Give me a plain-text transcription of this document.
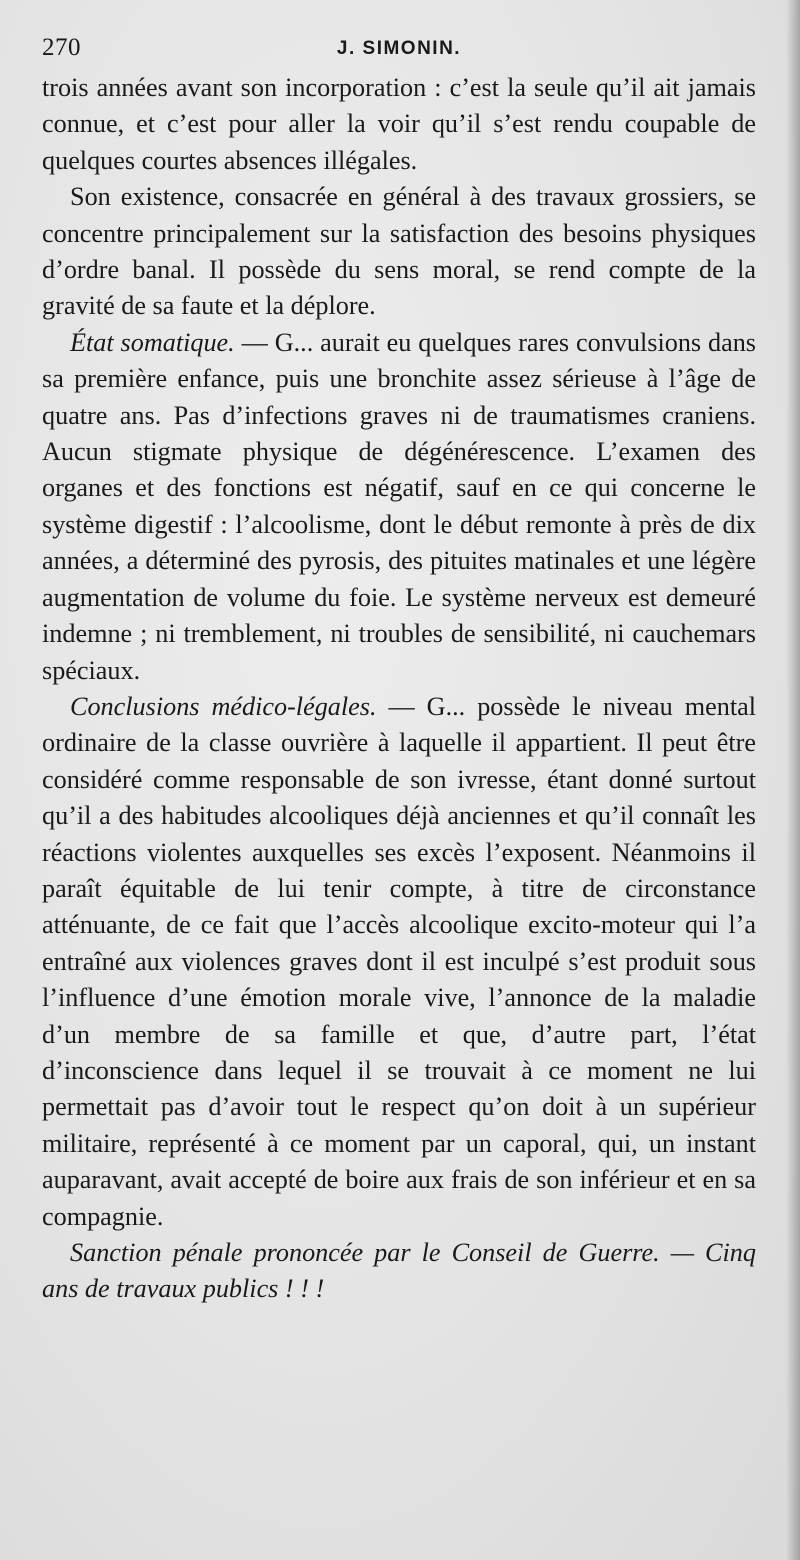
270	J. SIMONIN.

trois années avant son incorporation : c’est la seule qu’il ait jamais connue, et c’est pour aller la voir qu’il s’est rendu coupable de quelques courtes absences illégales.

Son existence, consacrée en général à des travaux grossiers, se concentre principalement sur la satisfaction des besoins physiques d’ordre banal. Il possède du sens moral, se rend compte de la gravité de sa faute et la déplore.

État somatique. — G... aurait eu quelques rares convulsions dans sa première enfance, puis une bronchite assez sérieuse à l’âge de quatre ans. Pas d’infections graves ni de traumatismes craniens. Aucun stigmate physique de dégénérescence. L’examen des organes et des fonctions est négatif, sauf en ce qui concerne le système digestif : l’alcoolisme, dont le début remonte à près de dix années, a déterminé des pyrosis, des pituites matinales et une légère augmentation de volume du foie. Le système nerveux est demeuré indemne ; ni tremblement, ni troubles de sensibilité, ni cauchemars spéciaux.

Conclusions médico-légales. — G... possède le niveau mental ordinaire de la classe ouvrière à laquelle il appartient. Il peut être considéré comme responsable de son ivresse, étant donné surtout qu’il a des habitudes alcooliques déjà anciennes et qu’il connaît les réactions violentes auxquelles ses excès l’exposent. Néanmoins il paraît équitable de lui tenir compte, à titre de circonstance atténuante, de ce fait que l’accès alcoolique excito-moteur qui l’a entraîné aux violences graves dont il est inculpé s’est produit sous l’influence d’une émotion morale vive, l’annonce de la maladie d’un membre de sa famille et que, d’autre part, l’état d’inconscience dans lequel il se trouvait à ce moment ne lui permettait pas d’avoir tout le respect qu’on doit à un supérieur militaire, représenté à ce moment par un caporal, qui, un instant auparavant, avait accepté de boire aux frais de son inférieur et en sa compagnie.

Sanction pénale prononcée par le Conseil de Guerre. — Cinq ans de travaux publics ! ! !
